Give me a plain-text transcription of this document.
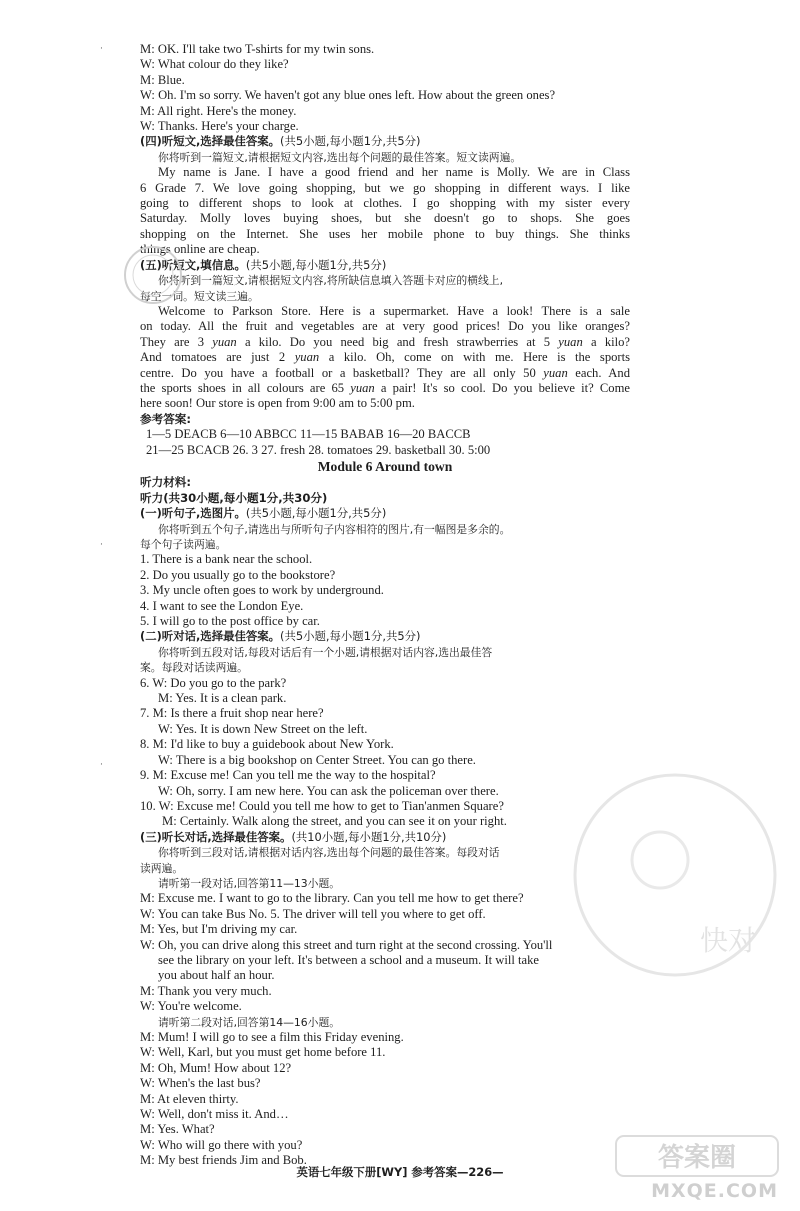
M: OK. I'll take two T-shirts for my twin sons.
W: What colour do they like?
M: Blue.
W: Oh. I'm so sorry. We haven't got any blue ones left. How about the green ones?
M: All right. Here's the money.
W: Thanks. Here's your charge.
(四)听短文,选择最佳答案。(共5小题,每小题1分,共5分)
你将听到一篇短文,请根据短文内容,选出每个问题的最佳答案。短文读两遍。
My name is Jane. I have a good friend and her name is Molly. We are in Class
6 Grade 7. We love going shopping, but we go shopping in different ways. I like
going to different shops to look at clothes. I go shopping with my sister every
Saturday. Molly loves buying shoes, but she doesn't go to shops. She goes
shopping on the Internet. She uses her mobile phone to buy things. She thinks
things online are cheap.
(五)听短文,填信息。(共5小题,每小题1分,共5分)
你将听到一篇短文,请根据短文内容,将所缺信息填入答题卡对应的横线上,
每空一词。短文读三遍。
Welcome to Parkson Store. Here is a supermarket. Have a look! There is a sale
on today. All the fruit and vegetables are at very good prices! Do you like oranges?
They are 3 yuan a kilo. Do you need big and fresh strawberries at 5 yuan a kilo?
And tomatoes are just 2 yuan a kilo. Oh, come on with me. Here is the sports
centre. Do you have a football or a basketball? They are all only 50 yuan each. And
the sports shoes in all colours are 65 yuan a pair! It's so cool. Do you believe it? Come
here soon! Our store is open from 9:00 am to 5:00 pm.
参考答案:
1—5 DEACB 6—10 ABBCC 11—15 BABAB 16—20 BACCB
21—25 BCACB 26. 3 27. fresh 28. tomatoes 29. basketball 30. 5:00
Module 6 Around town
听力材料:
听力(共30小题,每小题1分,共30分)
(一)听句子,选图片。(共5小题,每小题1分,共5分)
你将听到五个句子,请选出与所听句子内容相符的图片,有一幅图是多余的。
每个句子读两遍。
1. There is a bank near the school.
2. Do you usually go to the bookstore?
3. My uncle often goes to work by underground.
4. I want to see the London Eye.
5. I will go to the post office by car.
(二)听对话,选择最佳答案。(共5小题,每小题1分,共5分)
你将听到五段对话,每段对话后有一个小题,请根据对话内容,选出最佳答
案。每段对话读两遍。
6. W: Do you go to the park?
M: Yes. It is a clean park.
7. M: Is there a fruit shop near here?
W: Yes. It is down New Street on the left.
8. M: I'd like to buy a guidebook about New York.
W: There is a big bookshop on Center Street. You can go there.
9. M: Excuse me! Can you tell me the way to the hospital?
W: Oh, sorry. I am new here. You can ask the policeman over there.
10. W: Excuse me! Could you tell me how to get to Tian'anmen Square?
M: Certainly. Walk along the street, and you can see it on your right.
(三)听长对话,选择最佳答案。(共10小题,每小题1分,共10分)
你将听到三段对话,请根据对话内容,选出每个问题的最佳答案。每段对话
读两遍。
请听第一段对话,回答第11—13小题。
M: Excuse me. I want to go to the library. Can you tell me how to get there?
W: You can take Bus No. 5. The driver will tell you where to get off.
M: Yes, but I'm driving my car.
W: Oh, you can drive along this street and turn right at the second crossing. You'll
see the library on your left. It's between a school and a museum. It will take
you about half an hour.
M: Thank you very much.
W: You're welcome.
请听第二段对话,回答第14—16小题。
M: Mum! I will go to see a film this Friday evening.
W: Well, Karl, but you must get home before 11.
M: Oh, Mum! How about 12?
W: When's the last bus?
M: At eleven thirty.
W: Well, don't miss it. And…
M: Yes. What?
W: Who will go there with you?
M: My best friends Jim and Bob.
英语七年级下册[WY] 参考答案—226—
快对
答案圈
MXQE.COM
·
·
·
